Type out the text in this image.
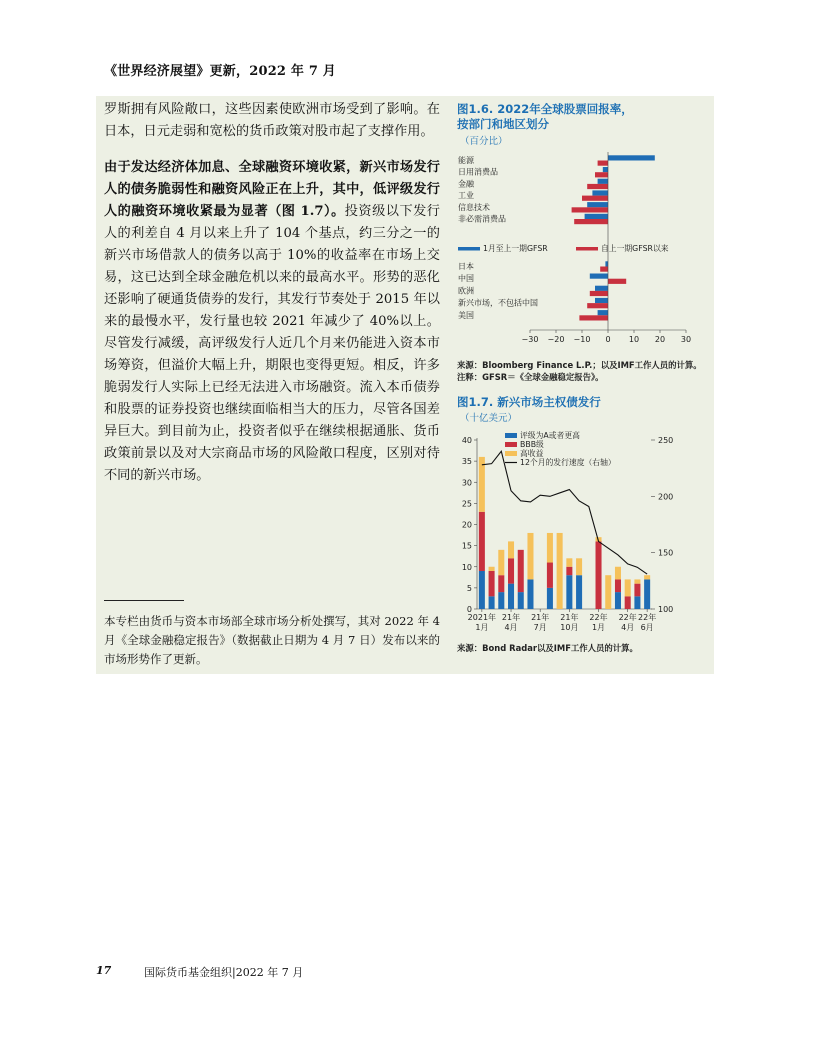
《世界经济展望》更新，2022 年 7 月

罗斯拥有风险敞口，这些因素使欧洲市场受到了影响。在日本，日元走弱和宽松的货币政策对股市起了支撑作用。

由于发达经济体加息、全球融资环境收紧，新兴市场发行人的债务脆弱性和融资风险正在上升，其中，低评级发行人的融资环境收紧最为显著（图 1.7）。投资级以下发行人的利差自 4 月以来上升了 104 个基点，约三分之一的新兴市场借款人的债务以高于 10%的收益率在市场上交易，这已达到全球金融危机以来的最高水平。形势的恶化还影响了硬通货债券的发行，其发行节奏处于 2015 年以来的最慢水平，发行量也较 2021 年减少了 40%以上。尽管发行减缓，高评级发行人近几个月来仍能进入资本市场筹资，但溢价大幅上升，期限也变得更短。相反，许多脆弱发行人实际上已经无法进入市场融资。流入本币债券和股票的证券投资也继续面临相当大的压力，尽管各国差异巨大。到目前为止，投资者似乎在继续根据通胀、货币政策前景以及对大宗商品市场的风险敞口程度，区别对待不同的新兴市场。

本专栏由货币与资本市场部全球市场分析处撰写，其对 2022 年 4 月《全球金融稳定报告》（数据截止日期为 4 月 7 日）发布以来的市场形势作了更新。
图1.6. 2022年全球股票回报率，
按部门和地区划分
（百分比）
能源
日用消费品
金融
工业
信息技术
非必需消费品
日本
中国
欧洲
新兴市场，不包括中国
美国
1月至上一期GFSR	自上一期GFSR以来
−30 −20 −10 0 10 20 30
来源：Bloomberg Finance L.P.；以及IMF工作人员的计算。
注释：GFSR＝《全球金融稳定报告》。
图1.7. 新兴市场主权债发行
（十亿美元）
0
5
10
15
20
25
30
35
40
100
150
200
250
2021年
1月
21年
4月
21年
7月
21年
10月
22年
1月
22年
4月
22年
6月
评级为A或者更高
BBB级
高收益
12个月的发行速度（右轴）
来源：Bond Radar以及IMF工作人员的计算。
17	国际货币基金组织|2022 年 7 月
